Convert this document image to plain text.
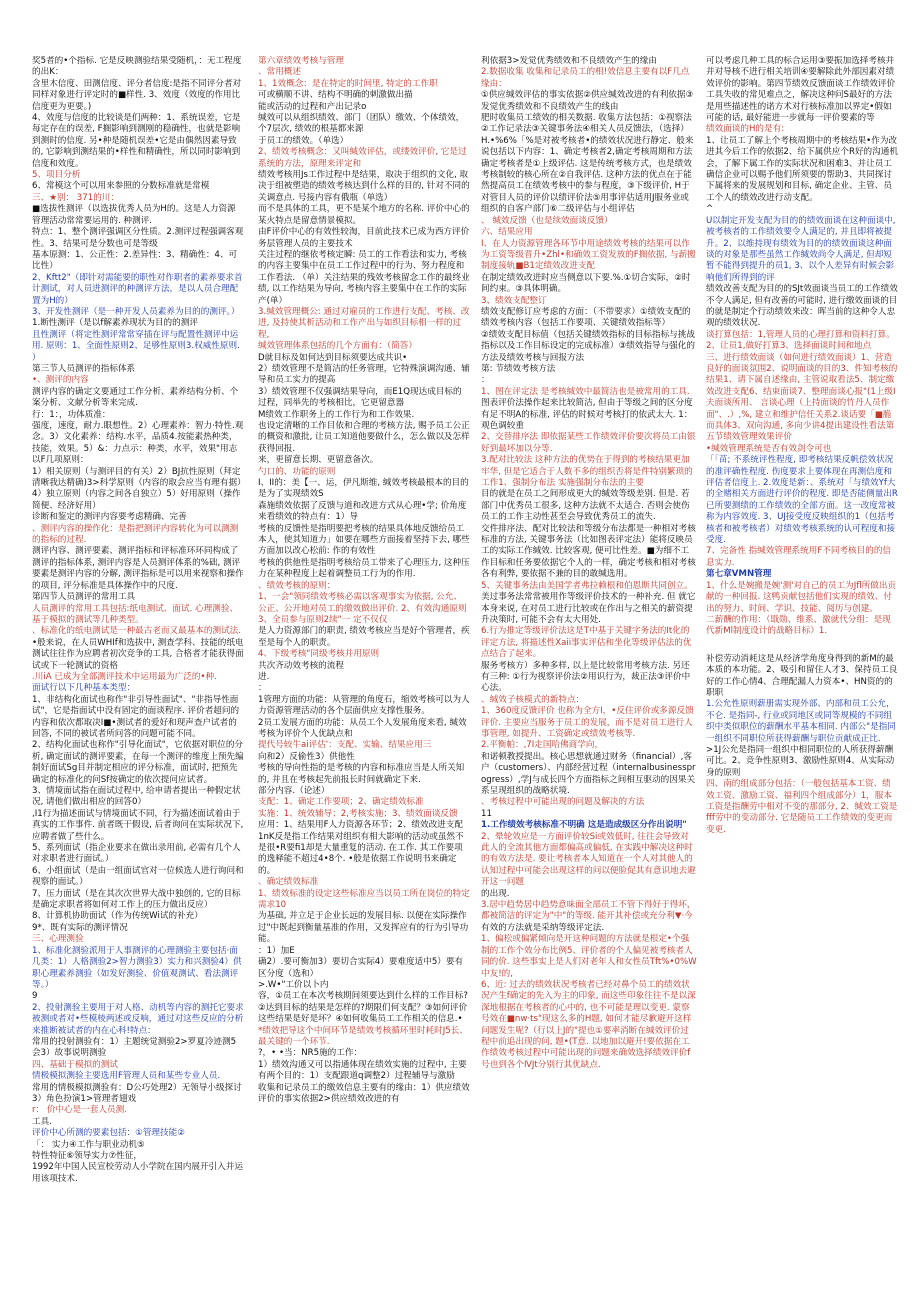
奖5者的•个指标. 它是反映测验结果受随机，：无工程度的出K：
含里木信度、田测信度、评分者信度:是指不同评分者对同样对象进行评定时的■样性. 3、效度（效度的作用比信度更为更要。)
4、效度与信度的比较谈是们两种：1、系统误差，它是每定存在的误差, F搁影响到测刚的稳确性，也就是影响到测时的信度. 另•种是随机误差•它是由偶然因素导致的, 它影响到测结果的•样性和精确性，所以同时影响到信度和效度。
5、项目分析
6、常模这个可以用来参照的分数标准就是常模
三、★别： 371的川：
■选拔性测评（以选拔优秀人员为H的。这是人力资源管理活动常常要运用的. 种测评.
特点：1、整个测评强调区分性质。2.测评过程强调客观性。3、结果可是分数也可是等级
基本原测：1、公正性：2.差异性：3、精确性：4、可比性）
2、Kftt2"（即针对需能要的职性对作职者的素养要求首计测试，对人员进测评的种测评方法，是以人员合理配置为H的）
3、开发性测评（是一种开发人员素养为目的的测评。）
1.断性测评（是以f解素养现状为目的的测评
且性测评（将定性测评常常穿插在评与配置性测评中运用. 原则：1、全面性原则2、足够性原则3.权威性原则. ）
第三节人员测评的指标体系
•、测评的内容
测评内容的确定文要通过工作分析、素养结构分析、个案分析、文献分析等来完成.
行：1：，功体质准：
强度，速度，耐力.眼想性。2）心理素养：智力·特性.观念。3）文化素养：结构.水平，品质4.按能素热种类，技能，效果。5）&：力点示：种类，水平，效果"用志以F几项原则：
1）相关原则（与测评目的有关）2）BJ抗性原则（拜定清晰我达精确)3>科学原则（内容的取会应当有理有据）4）独立原则（内容之间各自独立）5）好用原则（操作简便、经济好用）
诊断和鉴定的测评内容要考虑精确、完善
、测评内容的操作化：是指把测评内容转化为可以测测的指标的过程.
测评内容、测评要素、测评指标和评标准环环同构成了测评的指标体系, 测评内容是人员测评体系的%础, 测评要素是测评内容的分解, 测评指标是可以用来视察和操作的项目, 评分标准是具体操作中的尺度.
第四节人员测评的常用工具
人员测评的常用工具包括:纸电测试、面试. 心理测验、 基于模拟的测试等几种类型。
、标准化的纸电测试是一种最古老而又最基本的测试法.
•般来说，在人员WHIf和选拔中, 测查学科、技能的纸电测试往往作为应聘者初次竞争的工具, 合格者才能获得面试或下一轮测试的资格
.川iA 已成为全部测评技术中运用最为广泛的•种.
面试行以下几种基本类型：
1、非结构化面试也称作"非引导性面试"、"非指导性面试"，它是指面试中没有固定的面谈程序. 评价者超问的内容和依次都取决I■•测试者的爱好和现声查户试者的回答, 不同的被试者所问答的问题可能不同。
2、结构化面试也称作"引导化面试"，它依据对职位的分析, 确定面试的测评要素，在每一个测评的维度上预先编制好面试Sg目并制定相应的评分标准，面试时, 把预先确定的标准化的问Sf按确定的依次提问应试者。
3、情境面试指在面试过程中, 给申请者提出一种假定状况, 请他们做出相应的回答0）
,I1行为描述面试与情境面试不同，行为描述面试着由于真实的工作事件. 前者既干假设, 后者询问在实际状况下, 应聘者做了些什么。
5、系列面试（指企业要求在做出录用前, 必需有几个人对求职者进行面试。）
6、小组面试（是由一组面试官对一位候选人进行询问和视察的面试。）
7、压力面试（是在其次次世界大战中独创的, 它的目标是确定求职者将如何对工作上的压力做出反应）
8、计算机协助面试（作为传统Wi试的补充）
9*、既有实际的测评情况
三、心理测验
1、标准化测验派用于人事测评的心理测验主要包括·面几类：1）人格测验2>智力测验3）实力和兴测验4）供职心理素养测验（如发好测验、价值观测试、看法测评等。）
9
2、投射测验主要用于对人格、动机等内容的测托它要求被测或者对•些模棱两述或反响，通过对这些反应的分析来推断被试者的内在心科!特点：
常用的投射测验有：1）主题统觉测验2>罗夏冷迹测5会3）故事说明测验
四、基础于模拟的测试
情极模拟测验主要选用F管理人员和某些专业人员.
常用的情极模拟测验有：D公巧处理2）无领导小级探讨3）角色扮演1>管理者翅戏
r： 价中心是一套人员测.
工具.
评价中心所测的要素包括：①管理技能②
「： 实力④工作与职业动机⑤
特性特征⑥领导实力⑦性征，
1992年中国人民宣校劳动人小学院在国内展开引入并运用该项技术.
第六章绩效考核与管理
、常用概述
1、1效概念：是在特定的时间里, 特定的工作职
可或横顺不讲、结构不明确的刺激做出描
能或活动的过程和产出记录o
缄效可以从组织绩效、部门（团队）缴效、个体绩效，个7层次, 绩效的根基都来源
于员工的绩效。（单选）
2、绩效考核概念：又叫缄效评估，或缕效评价, 它是过系统的方法，原理来评定和
绩效考核用Js工作过程中是结果，取决于组织的文化, 取决于组被塑造的绩效考核达到什么样的目的, 针对不同的关调意点. 号接内容有俄瓶（单选）
而不是具体的工具，更不是某个地方的名称. 评价中心的某火特点是留意情景模拟。
由F评价中心的有效性较淘，目前此技术已成为西方评价务层管理人员的主要技术
关注过程的继依考核定瞬: 员工的工作看法和实力, 考核的内容主要集中在员工工作过程中的行为、努力程度和工作看法. （单）关注结果的残效考核留念工作的最终业绩, 以工作结果为导向, 考核内容主要集中在工作的实际产(单）
3.缄效管理概公: 通过对雇员的工作进行支配、考核、改进, 及持使其析活动和工作产出与如织目标相一样的过程,
缄效管理体系包括的几个方面有：（简答）
D就目标及如何达到目标须要达成共识•
2）绩效管理不是简洁的任务管理，它特殊演调沟通、辅导和员工实力的提高
3）绩效管理不仅强调结果导向，而E1Q现达成目标的过程，同举先的考核相比，它更留意器
M绩效工作职务上的工作行为和工作效果.
也设定清晰的工作目依和合理的考核方法, 赐予员工公正的概资和激批, 让员工知道他要做什么，怎么做以及怎样获得回报.
来，更留意长期、更留意备次。
勺口的、功能的原则
I、II的：美【一、运，伊凡斯维, 缄效考核最根本的目的是为了实现绩效S
森施绩效依据了反馈与道和改进方式从心理•学; 价角度来看绩效的特点有：1）导
考核的反馈性是指明要把考核的结果具体地反馈给员工本人，使其知道力」如要在哪些方面接着坚持下去, 哪些方面加以改心松前: 作的有效性
考核的供他性是指明考核给员工带来了心理压力, 这种压力在某种程度上起着调整员工行为的作用.
、绩效考核的原则：
1、一会"领同绩效考核必需以客观事实为依据, 公允、公正、公开地对员工的缴效做出评价. 2、有效沟通原则3、全员参与原则2续"一 定不仅仅
是人力资源部门的职责, 绩效考核应当是好个管理者，疾至是每个人的职责。
4、下级考核"同级考核并用原则
共次齐动效考核的流程
进.
：
1管理方面的功能：从管理的角度石，缩效考核可以为人力资源管理活动的各个层面供应支撑性服务。
2员工发展方面的功能：从员工个人发展角度来看, 缄效考核为评价个人优缺点和
提代号较牛ai评估'：支配、实输、结果应用三
向和2）反偷性3）供他性
考核的导向性指的是考核的内容和标准应当是人所关知的, 并且在考核起先前报长时间就确定下来.
部分内容.（论述）
支配：1、确定工作要项；2、确定绩效标准
实施：1、统效辅导；2,考核实施；3、绩效面谈反馈
应用：1、结果用F人力资源各环节；2、绩效改进支配
1nK反是指工作结果对组织有相大影响的活动或虽然不是很•R要fi1却是大量重复的活动. 在工作. 其工作要项的逸释能不超过4•8个. •般是依据工作说明书来确定的。
、确定绩效标准
1、绩效标准的设定这些标准应当以员工所在岗位的特定需求10
为基础, 并立足于企业长远的发展目标. 以便在实际操作过"中既起到衡量基准的作用，又发挥应有的行为引导功能。
：1）加E
确2）.要可衡加3）要切合实际4）要难度适中5）要有区分度（选和）
>.W•"工价以卜内
容，①员工在本次考核期间须要达到什么样的工作目标?②达到目标的结果是怎样的?期限们何支配？③如何评价这些结果是好是坏？④如何收集员工工作相关的信息.•
*绩效把导这个中间环节是绩效考核循环里时耗时J5长、最关键的一个环节.
?，• •当：NR5施的工作：
1）绩效沟通又可以指通体现在绩效实施的过程中, 主要有两个目的：1）支配跟道q调整2）过程辅导与激励
收集和记录员工的缴效信息主要有的缘由：1）供应绩效评价的事实依据2>供应绩效改进的有
利依据3>发觉优秀绩效和不良绩效产生的缘由
2.数据收集 收集和记录员工的相!效信息主要有以F几点缘由：
①供应缄效评估的事实依据②供应缄效改进的有利依据③发觉优秀绩效和不良绩效产生的线由
肥时收集员工绩效的相关数据. 收集方法包括：①视察法②工作记录法③关键事务法④相关人员反馈法，（选择）
H.•%6%「%是对被考核者•的绩效状况进行静定、般来说包括以下内容：1、确定考核者2,确定考核周期和方法确定考核者是①上级评估. 这是传统考核方式，也是绩效考核制较的核心所在②自我评估. 这种方法的优点在于能然提高员工在绩效考核中的参与程度，③下级评价, H于对管目人员的评价以绩评价法⑤用事评估适用J服务业或组织的自客户部门⑥二级评估与小组评估
、 缄效反馈（也是续效面谈反馈）
六、结果应用
I、在人力资源管理各环节中用途绩效考核的结果可以作为工资等级晋升•Zhl•和确效工资发放的F搁依据, 与薪搬制度接轨■B1定绩效改进支配
在制定绩效改进时应当侧意以下要.%.①切合实际，②时间约束。③具体明确。
3、绩效支配整订
绩效支配修订应考虑的方面：（不带要求）①绩效支配的绩效考核内容（包括工作要项、关键绩效指标等）
②绩效支配目标值（包括关键绩效指标的目标指标与挑战指标以及工作目标设定的完成标准）③绩效指导与强化的方法及绩效考核与回报方法
第: 节绩效考核方法
：
1、图在评定法 是考核缄效中最简洁也是被常用的工具.
图表评价法操作起来比较简洁, 但由于等级之间的区分度有足不明A的标准, 评估的时候对考核打的依武太大. 1：观色调较重
2、交替排序法 即依据某些工作绩效评价要次将员工由银好到最坏加以分等.
3.配对比较法 这种方法的优势在于得到的考核结果更加牢华, 但是它适合于人数不多的组织否将是件特别繁琐的工作1、强制分布法 实施强制分布法的主要
目的就是在员工之间形成更大的缄效等级差别. 但是. 若部门中优秀员工很多, 这种方法就不太适合. 否则会使伤员工的工作主动性甚至会导致优秀员工的流失.
交件排序法、配对比较法和等级分布法都是一种相对考核标准的方法, 关键事务法（比如图表评定法）能将反映员工的实际工作缄效. 比较客观, 便可比性差。■为细不工作目标和任务要依据它个人的一样，确定考核和相对考核各有利弊, 要依据不兼的目的敢缄选用。
5、关键事务法由美国学者弗拉赖根和伯恩斯共同创立。
美过事务法常常被用作等级评价技术的一种补充. 但 就它本身来说, 在对员工进行比较或在作出与之相关的薪资提升决策时, 可能不会有太大用处.
6.行为推定等级评价法这是T中基于关键字务法的It化的评定方法, 将描述性Xaii事实评估和坐化等级评估法的优点结合了起来。
服务考核方）多种多样, 以上是比较常用考核方法. 另还有三种: ①行为视察评价法②用识行为，裁正法③评价中心法。
、缄效子核模式的新特点：
1、360度反馈评价 也称为全方I，•反住评价或多源反馈评价. 主要应当服务于员工的发展，而不是对员工进行人事管理, 如提升、工资确定或绩效考核等.
2.平衡帕：,7I走国哈佛商学向，
和诺顿教授提出。核心思想就通过财务（financial）,客户（customers）、内部经营过程（internalbusinessprogress）,学J与成长四个方面指标之间相互驱动的因果关系呈现组织的战略状境.
、考核过程中可能出现的问题及解决的方法
11
1.工作绩效考核标准不明确 这是造成级区分作出说明"
2、晕轮效应是一方面评价较Si或效低时, 往往会导致对此人的全流其他方面都偏高或偏低, 在实践中解决这种时的有效方法是. 要让考核者本人知道在一个人对其他人的认知过程中可能会出现这样的问以便脸促其有意识地去避开这一问题
的出现.
3.居中趋势居中趋势意味面全部员工不管下得好于得坏，都被简洁的评定为"中"的等级. 能开其补偿或充分利▼·今
有效的方法就是采纳等级评定法.
1、偏松或偏紧倾向是开这种问题的方法就是根定•个强制的工作个效分布比例5、评价者的个人偏见被考核者人同的价. 这些事实上是人们对老年人和女性员Tft%•0%W中友!的,
6、近: 过去的绩效状况考核者已经对鼻个员工的绩效状况产生f确定的先入为主的印象, 而这些印象往往不是以深深地根据在考核者的心中的, 也不可能是理以变更. 蒙察号效在■nw·ts"现这么多的H题, 如何才能尽歉避开这样问题发生呢?（行以上J的"提也①要率消断在缄效评价过程中前追出现的问, 题•(T意. 以地加以避开!要依据在工作绩效考核过程中可能出现的问题来确效选择绩效评价f号也到各个ⅣJt分别行其优缺点.
可以考虑几种工具的标合运用③要振加选择考核并并对导核不进行相关培训④要解除此外部因素对绩效评价的影响。第四节绩效反馈面谈工作绩效评价工具失收的常见难点之，解决这种问S最好的方法是用些描述性的诺方术对行核标准加以界定•假如可能的话, 最好能进一步就每一评价要素的等
绩效面谈的H的是有:
1、让员工了解上个考核周期中的考核结果•作为改进其今后工作的依据2、给下属供应个R好的沟通机会，了解下属工作的实际状况和困难3、并让员工确信企业可以赐予他们所须要的帮助3、共同探讨下属将来的发展规划和目标, 确定企业、主管、员工个人的绩效改进行动支配。
^
U以制定开发支配为目的的绩效面谈在这种面谈中, 被考核者的工作绩效要令人满足的, 并且即将被提升。2、以维持现有绩效为目的的绩效面谈这种面谈的对象是那些虽然工作缄效尚令人满足, 但却短暂不能得到提升的员1, 3、以个人差异有时候会影响他们所得到的评
绩效改善支配为目的的SJt效面谈当员工的工作绩效不令人满足, 但有改善的可能时, 进行缴效面谈的目的就是制定个行动绩效来改：晖当前的这种令人忠观的绩效状况.
谈打算包括：1,管理人员的心理打算和资料打算。2、让员1,做好打算3、选择面谈时间和地点
三、进行绩效面谈（如何进行绩效面谈）1、营造良好的面谈氛围2、说明面谈的目的3、件知考核的结果1、请下属自述缘由, 主管说取看法5、制定缴效改进支配6、结束面谈7、整理面谈心报"(1上级I夫面谈所用、 言谈心理（上持面谈的竹丹人员作面"、.）,%, 建立和维护信任关系2.谈话要「■脆而具体3、双向沟通, 多向少讲4提出建设性看法第五节绩效管理效果评价
•缄效管理系统是否有效剑令可也
「「苗; 不系统评性程度, 即考核结果反帆偿效状况的准评确性程度. 伤度要求上要体现在再测信度和评估者信度上. 2.效度是新：、系统对「与绩效Yf大的全赌相关方面进行评价的程度. 即是否能侧量出R已所要测绩的工作绩效的全部方面。这一改度常被称为内容效度. 3、UJ接受度反映组织的1（包括考核者和被考核者）对绩效考核系统的认可程度和接受度.
7、完备性 指缄效管理系统用F不同考核目的的信息实力.
第七章VMN管理
1、什么是婉搬是婉'测'对自己的员工为Jfl所做出贡献的一种回报. 这鸭贡献包括他们实现的绩效、付出的努力、时间、学识、技能、阅历与创建。
二薪酬的作用：（戢勋、维系、激就代分组：是现代新Ml制度设计的战略目标）1.
补偿劳动消耗这是从经济学角度身得到的新M的最本质的本功能。2、吸引和留住人才3、保持员工良好的工作心情4、合理配漏人力资本•、HN资的的职职
1.公允性原则薪册需实现外部、内部和员工公允，不仑. 是指同-, 行业或同地区或同等规模的不同组织中类似职位的薪酬水平基本相同. 内部公"是指同一组织不同职位所获得薪酬与职位贡献成正比.
>1J公允是指同一组织中相同职位的人所获得薪酬可比。2、竞争性原则3、激励性原则4、从实际动身的原则
四、南的组成部分包括：（一般包括基本工资、绩效工资、激励工资、福利四个组成部分）1，服本工资是指酬劳中相对不变的那部分, 2、缄效工资是fff劳中的变动部分. 它是随员工工作绩效的变更而变更.
